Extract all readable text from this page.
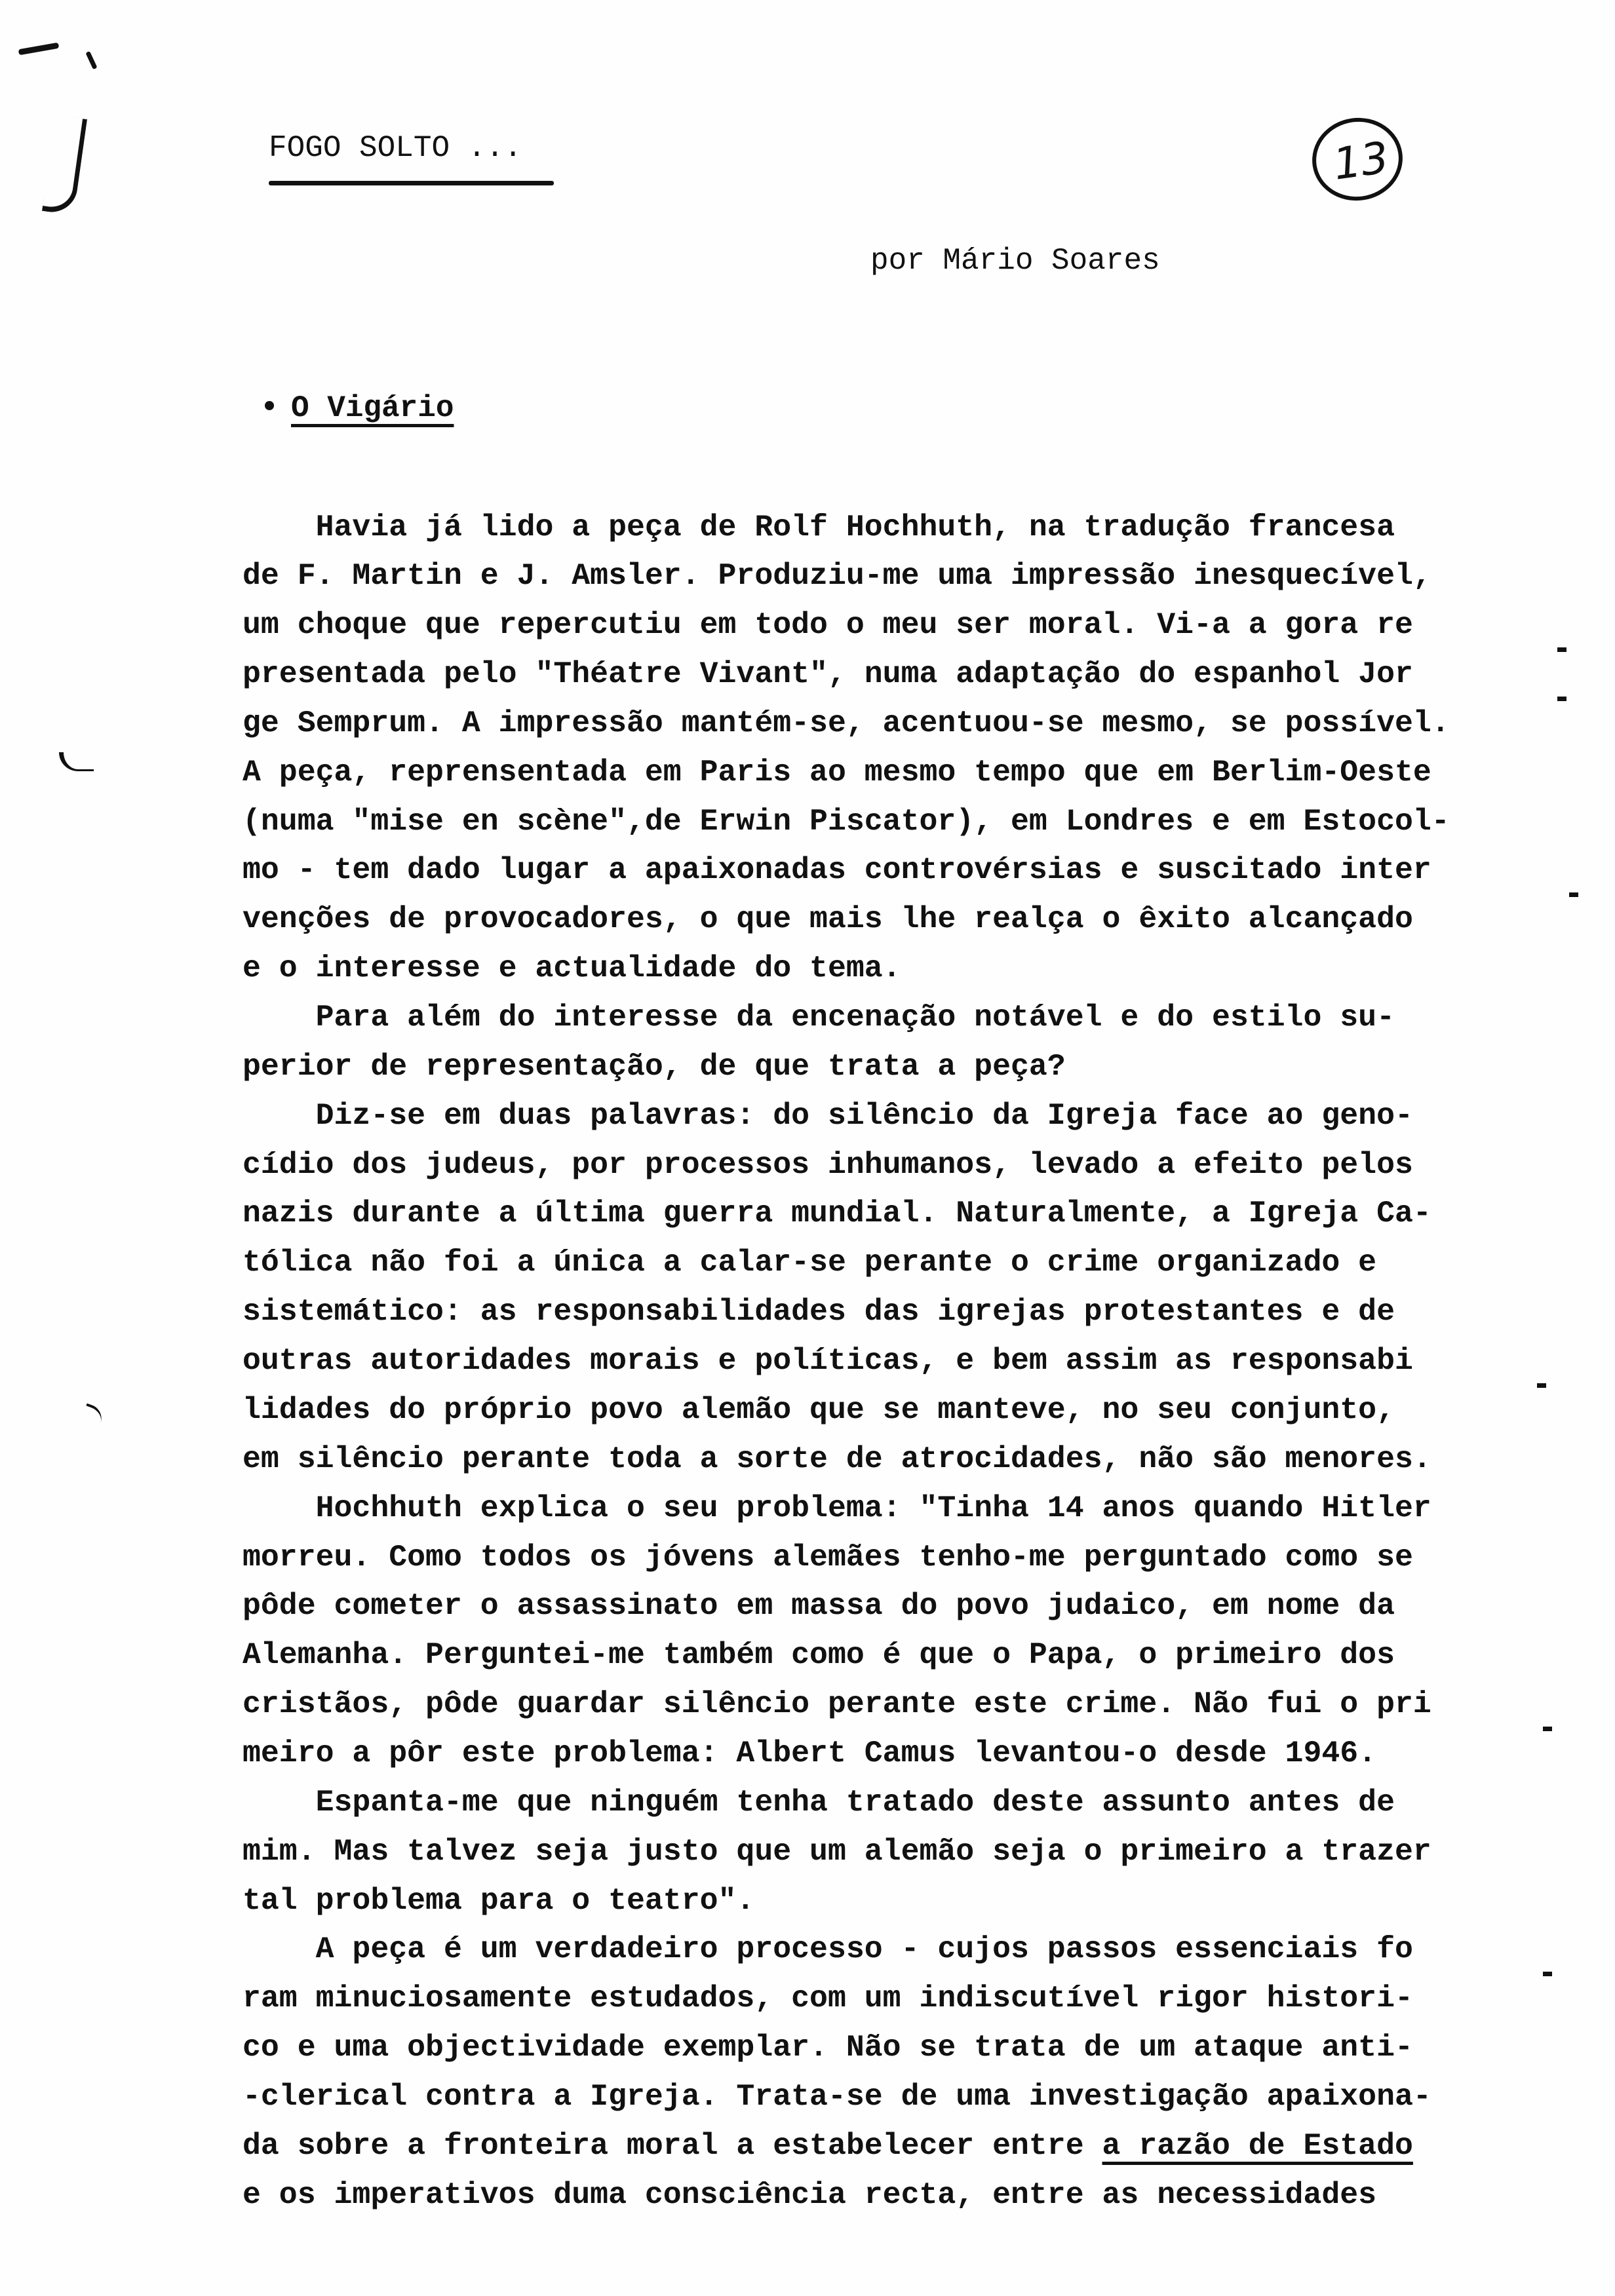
FOGO SOLTO ...
por Mário Soares
13
O Vigário
Havia já lido a peça de Rolf Hochhuth, na tradução francesa
de F. Martin e J. Amsler. Produziu-me uma impressão inesquecível,
um choque que repercutiu em todo o meu ser moral. Vi-a a gora re
presentada pelo "Théatre Vivant", numa adaptação do espanhol Jor
ge Semprum. A impressão mantém-se, acentuou-se mesmo, se possível.
A peça, reprensentada em Paris ao mesmo tempo que em Berlim-Oeste
(numa "mise en scène",de Erwin Piscator), em Londres e em Estocol-
mo - tem dado lugar a apaixonadas controvérsias e suscitado inter
venções de provocadores, o que mais lhe realça o êxito alcançado
e o interesse e actualidade do tema.
Para além do interesse da encenação notável e do estilo su-
perior de representação, de que trata a peça?
Diz-se em duas palavras: do silêncio da Igreja face ao geno-
cídio dos judeus, por processos inhumanos, levado a efeito pelos
nazis durante a última guerra mundial. Naturalmente, a Igreja Ca-
tólica não foi a única a calar-se perante o crime organizado e
sistemático: as responsabilidades das igrejas protestantes e de
outras autoridades morais e políticas, e bem assim as responsabi
lidades do próprio povo alemão que se manteve, no seu conjunto,
em silêncio perante toda a sorte de atrocidades, não são menores.
Hochhuth explica o seu problema: "Tinha 14 anos quando Hitler
morreu. Como todos os jóvens alemães tenho-me perguntado como se
pôde cometer o assassinato em massa do povo judaico, em nome da
Alemanha. Perguntei-me também como é que o Papa, o primeiro dos
cristãos, pôde guardar silêncio perante este crime. Não fui o pri
meiro a pôr este problema: Albert Camus levantou-o desde 1946.
Espanta-me que ninguém tenha tratado deste assunto antes de
mim. Mas talvez seja justo que um alemão seja o primeiro a trazer
tal problema para o teatro".
A peça é um verdadeiro processo - cujos passos essenciais fo
ram minuciosamente estudados, com um indiscutível rigor histori-
co e uma objectividade exemplar. Não se trata de um ataque anti-
-clerical contra a Igreja. Trata-se de uma investigação apaixona-
da sobre a fronteira moral a estabelecer entre a razão de Estado
e os imperativos duma consciência recta, entre as necessidades
